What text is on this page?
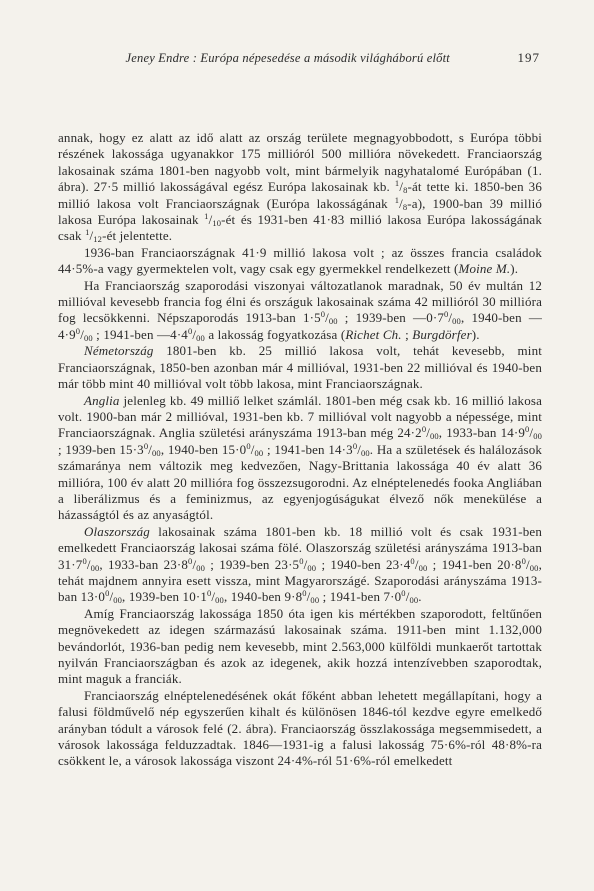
Jeney Endre : Európa népesedése a második világháború előtt	197

annak, hogy ez alatt az idő alatt az ország területe megnagyobbodott, s Európa többi részének lakossága ugyanakkor 175 millióról 500 millióra növekedett. Franciaország lakosainak száma 1801-ben nagyobb volt, mint bármelyik nagyhatalomé Európában (1. ábra). 27·5 millió lakosságával egész Európa lakosainak kb. $^1/_8-át$ tette ki. 1850-ben 36 millió lakosa volt Franciaországnak (Európa lakosságának $^1/_8-a$), 1900-ban 39 millió lakosa Európa lakosainak $^1/_{10}-ét$ és 1931-ben 41·83 millió lakosa Európa lakosságának csak $^1/_{12}-ét$ jelentette.

1936-ban Franciaországnak 41·9 millió lakosa volt ; az összes francia családok 44·5%-a vagy gyermektelen volt, vagy csak egy gyermekkel rendelkezett (Moine M.).

Ha Franciaország szaporodási viszonyai változatlanok maradnak, 50 év multán 12 millióval kevesebb francia fog élni és országuk lakosainak száma 42 millióról 30 millióra fog lecsökkenni. Népszaporodás 1913-ban $1\cdot 5^0/_{00}$ ; 1939-ben $—0\cdot 7^0/_{00}$, 1940-ben $—4\cdot 9^0/_{00}$ ; 1941-ben $—4\cdot 4^0/_{00}$ a lakosság fogyatkozása (Richet Ch. ; Burgdörfer).

Németország 1801-ben kb. 25 millió lakosa volt, tehát kevesebb, mint Franciaországnak, 1850-ben azonban már 4 millióval, 1931-ben 22 millióval és 1940-ben már több mint 40 millióval volt több lakosa, mint Franciaországnak.

Anglia jelenleg kb. 49 milliő lelket számlál. 1801-ben még csak kb. 16 millió lakosa volt. 1900-ban már 2 millióval, 1931-ben kb. 7 millióval volt nagyobb a népessége, mint Franciaországnak. Anglia születési arányszáma 1913-ban még $24\cdot 2^0/_{00}$, 1933-ban $14\cdot 9^0/_{00}$ ; 1939-ben $15\cdot 3^0/_{00}$, 1940-ben $15\cdot 0^0/_{00}$ ; 1941-ben $14\cdot 3^0/_{00}$. Ha a születések és halálozások számaránya nem változik meg kedvezően, Nagy-Brittania lakossága 40 év alatt 36 millióra, 100 év alatt 20 millióra fog összezsugorodni. Az elnéptelenedés fooka Angliában a liberálizmus és a feminizmus, az egyenjogúságukat élvező nők menekülése a házasságtól és az anyaságtól.

Olaszország lakosainak száma 1801-ben kb. 18 millió volt és csak 1931-ben emelkedett Franciaország lakosai száma fölé. Olaszország születési arányszáma 1913-ban $31\cdot 7^0/_{00}$, 1933-ban $23\cdot 8^0/_{00}$ ; 1939-ben $23\cdot 5^0/_{00}$ ; 1940-ben $23\cdot 4^0/_{00}$ ; 1941-ben $20\cdot 8^0/_{00}$, tehát majdnem annyira esett vissza, mint Magyarországé. Szaporodási arányszáma 1913-ban $13\cdot 0^0/_{00}$, 1939-ben $10\cdot 1^0/_{00}$, 1940-ben $9\cdot 8^0/_{00}$ ; 1941-ben $7\cdot 0^0/_{00}$.

Amíg Franciaország lakossága 1850 óta igen kis mértékben szaporodott, feltűnően megnövekedett az idegen származású lakosainak száma. 1911-ben mint 1.132,000 bevándorlót, 1936-ban pedig nem kevesebb, mint 2.563,000 külföldi munkaerőt tartottak nyilván Franciaországban és azok az idegenek, akik hozzá intenzívebben szaporodtak, mint maguk a franciák.

Franciaország elnéptelenedésének okát főként abban lehetett megállapítani, hogy a falusi földművelő nép egyszerűen kihalt és különösen 1846-tól kezdve egyre emelkedő arányban tódult a városok felé (2. ábra). Franciaország összlakossága megsemmisedett, a városok lakossága felduzzadtak. 1846—1931-ig a falusi lakosság 75·6%-ról 48·8%-ra csökkent le, a városok lakossága viszont 24·4%-ról 51·6%-ról emelkedett
